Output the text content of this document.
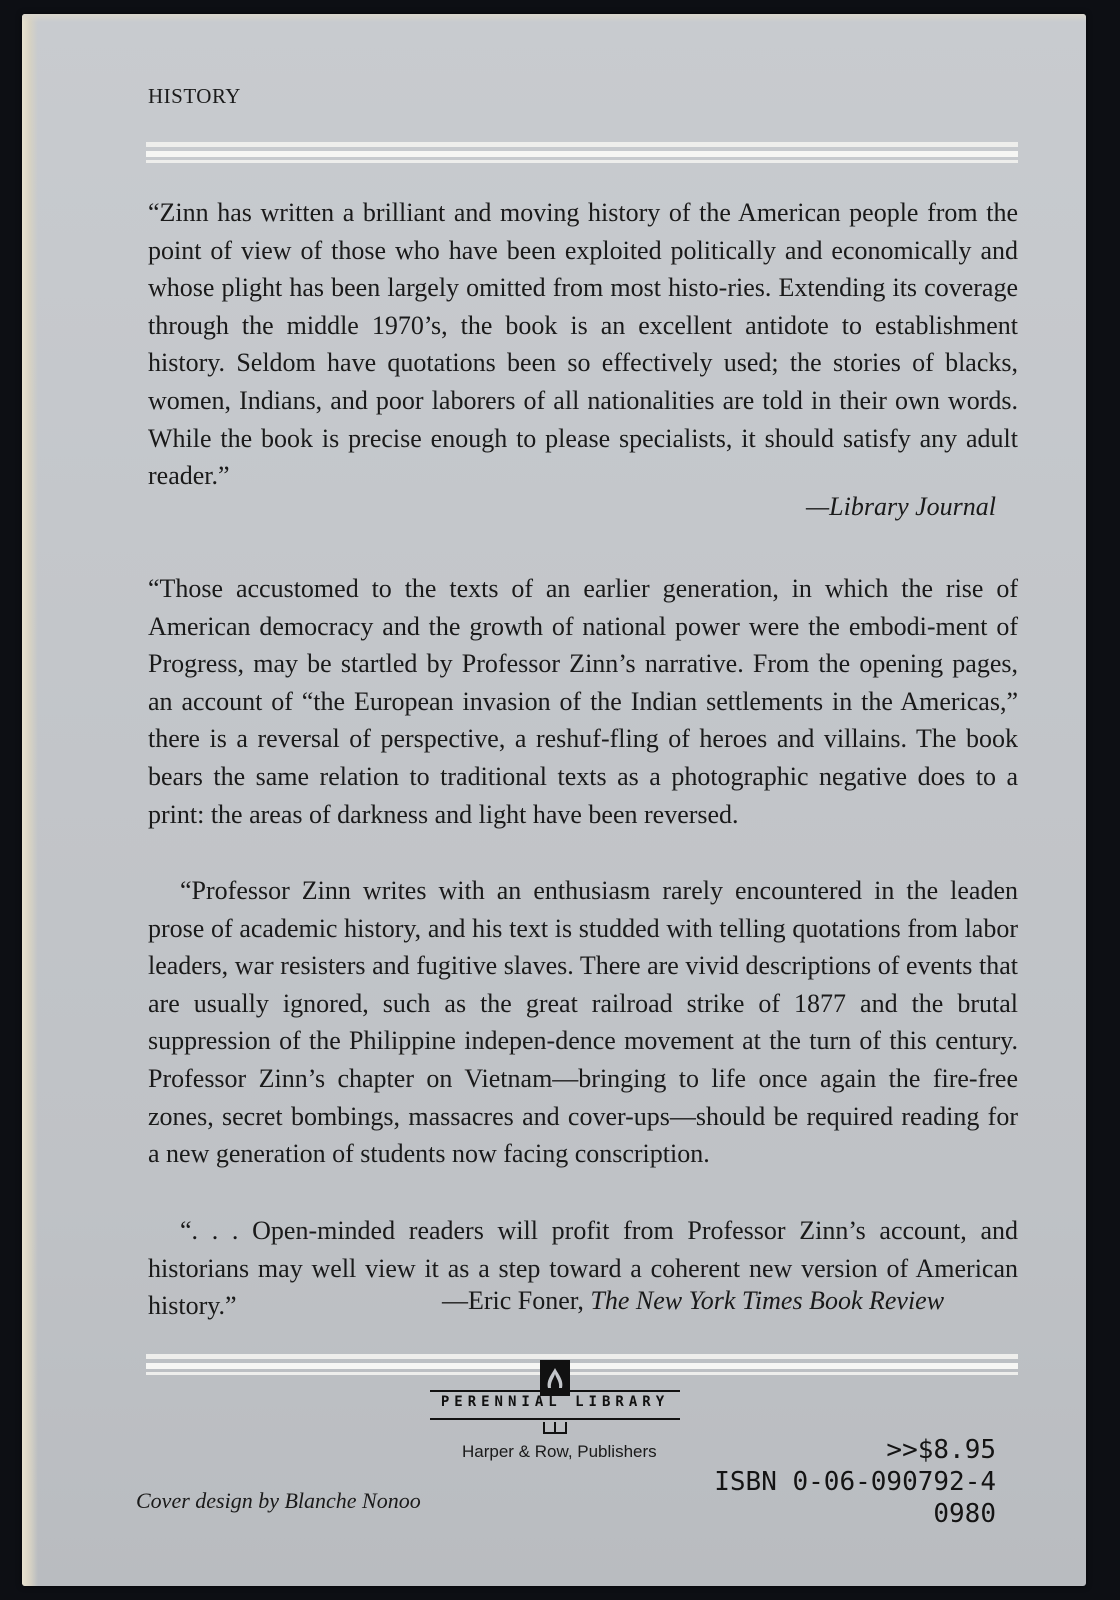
HISTORY

“Zinn has written a brilliant and moving history of the American people from the point of view of those who have been exploited politically and economically and whose plight has been largely omitted from most histo-ries. Extending its coverage through the middle 1970’s, the book is an excellent antidote to establishment history. Seldom have quotations been so effectively used; the stories of blacks, women, Indians, and poor laborers of all nationalities are told in their own words. While the book is precise enough to please specialists, it should satisfy any adult reader.”

—Library Journal

“Those accustomed to the texts of an earlier generation, in which the rise of American democracy and the growth of national power were the embodi-ment of Progress, may be startled by Professor Zinn’s narrative. From the opening pages, an account of “the European invasion of the Indian settlements in the Americas,” there is a reversal of perspective, a reshuf-fling of heroes and villains. The book bears the same relation to traditional texts as a photographic negative does to a print: the areas of darkness and light have been reversed.

“Professor Zinn writes with an enthusiasm rarely encountered in the leaden prose of academic history, and his text is studded with telling quotations from labor leaders, war resisters and fugitive slaves. There are vivid descriptions of events that are usually ignored, such as the great railroad strike of 1877 and the brutal suppression of the Philippine indepen-dence movement at the turn of this century. Professor Zinn’s chapter on Vietnam—bringing to life once again the fire-free zones, secret bombings, massacres and cover-ups—should be required reading for a new generation of students now facing conscription.

“. . . Open-minded readers will profit from Professor Zinn’s account, and historians may well view it as a step toward a coherent new version of American history.”	—Eric Foner, The New York Times Book Review
PERENNIAL LIBRARY
Harper & Row, Publishers	>>$8.95
ISBN 0-06-090792-4
0980
Cover design by Blanche Nonoo
